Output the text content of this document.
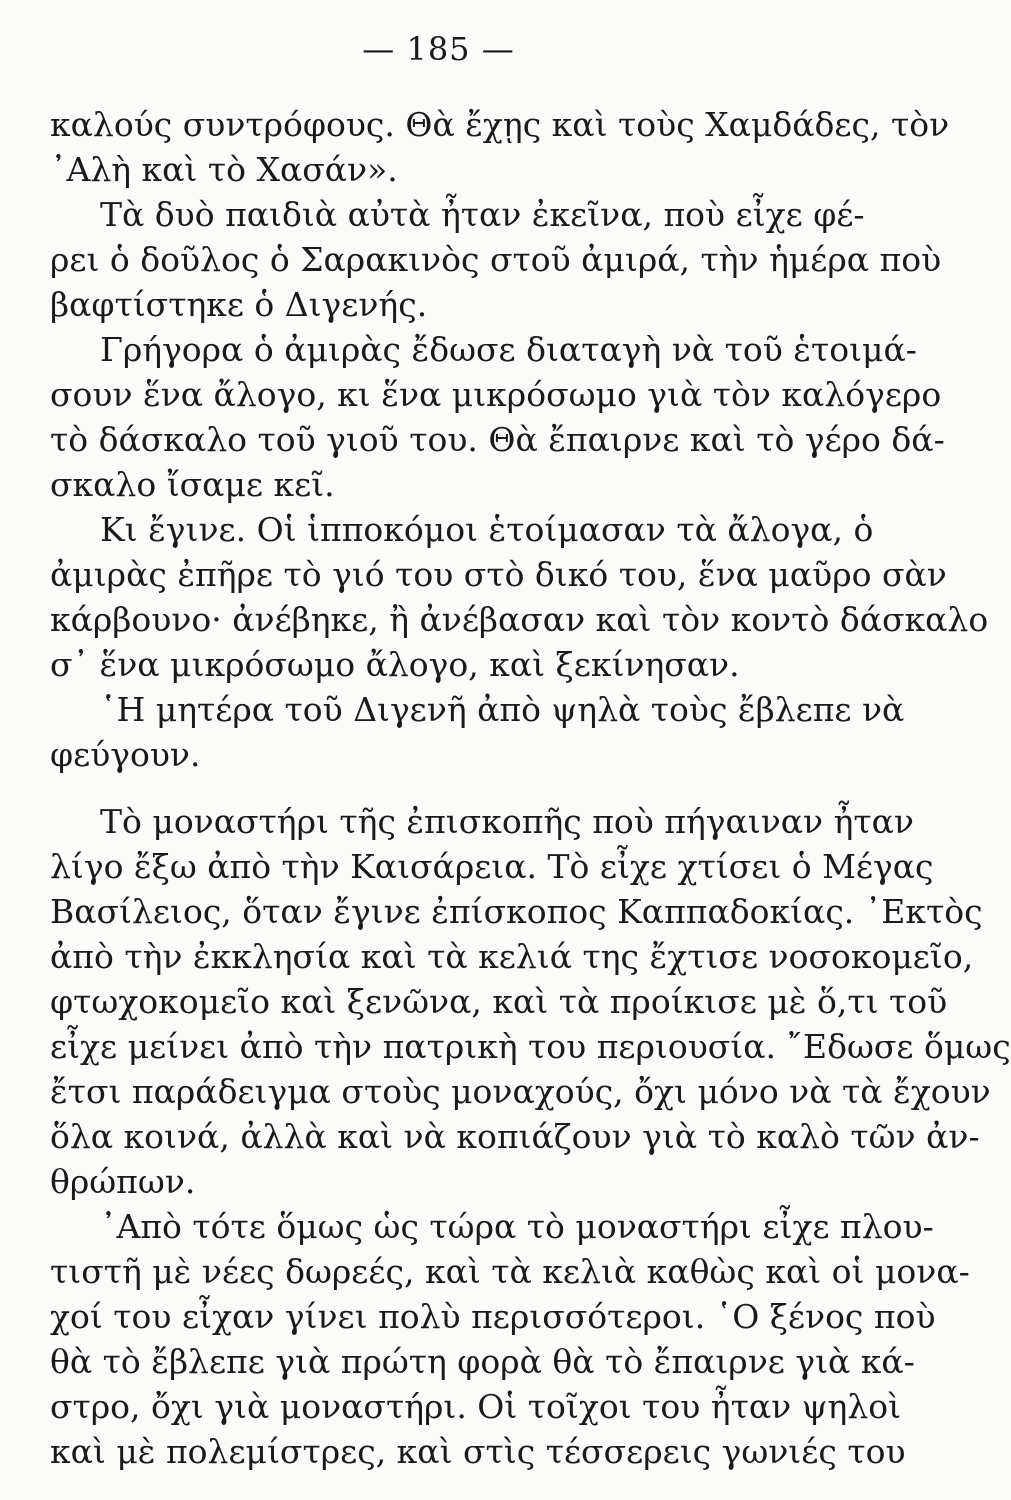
— 185 —
καλούς συντρόφους. Θὰ ἔχῃς καὶ τοὺς Χαμδάδες, τὸν
᾿Αλὴ καὶ τὸ Χασάν».
Τὰ δυὸ παιδιὰ αὐτὰ ἦταν ἐκεῖνα, ποὺ εἶχε φέ-
ρει ὁ δοῦλος ὁ Σαρακινὸς στοῦ ἀμιρά, τὴν ἡμέρα ποὺ
βαφτίστηκε ὁ Διγενής.
Γρήγορα ὁ ἀμιρὰς ἔδωσε διαταγὴ νὰ τοῦ ἑτοιμά-
σουν ἕνα ἄλογο, κι ἕνα μικρόσωμο γιὰ τὸν καλόγερο
τὸ δάσκαλο τοῦ γιοῦ του. Θὰ ἔπαιρνε καὶ τὸ γέρο δά-
σκαλο ἴσαμε κεῖ.
Κι ἔγινε. Οἱ ἱπποκόμοι ἑτοίμασαν τὰ ἄλογα, ὁ
ἀμιρὰς ἐπῆρε τὸ γιό του στὸ δικό του, ἕνα μαῦρο σὰν
κάρβουνο· ἀνέβηκε, ἢ ἀνέβασαν καὶ τὸν κοντὸ δάσκαλο
σ᾿ ἕνα μικρόσωμο ἄλογο, καὶ ξεκίνησαν.
῾Η μητέρα τοῦ Διγενῆ ἀπὸ ψηλὰ τοὺς ἔβλεπε νὰ
φεύγουν.
Τὸ μοναστήρι τῆς ἐπισκοπῆς ποὺ πήγαιναν ἦταν
λίγο ἔξω ἀπὸ τὴν Καισάρεια. Τὸ εἶχε χτίσει ὁ Μέγας
Βασίλειος, ὅταν ἔγινε ἐπίσκοπος Καππαδοκίας. ᾿Εκτὸς
ἀπὸ τὴν ἐκκλησία καὶ τὰ κελιά της ἔχτισε νοσοκομεῖο,
φτωχοκομεῖο καὶ ξενῶνα, καὶ τὰ προίκισε μὲ ὅ,τι τοῦ
εἶχε μείνει ἀπὸ τὴν πατρικὴ του περιουσία. ῎Εδωσε ὅμως
ἔτσι παράδειγμα στοὺς μοναχούς, ὄχι μόνο νὰ τὰ ἔχουν
ὅλα κοινά, ἀλλὰ καὶ νὰ κοπιάζουν γιὰ τὸ καλὸ τῶν ἀν-
θρώπων.
᾿Απὸ τότε ὅμως ὡς τώρα τὸ μοναστήρι εἶχε πλου-
τιστῆ μὲ νέες δωρεές, καὶ τὰ κελιὰ καθὼς καὶ οἱ μονα-
χοί του εἶχαν γίνει πολὺ περισσότεροι. ῾Ο ξένος ποὺ
θὰ τὸ ἔβλεπε γιὰ πρώτη φορὰ θὰ τὸ ἔπαιρνε γιὰ κά-
στρο, ὄχι γιὰ μοναστήρι. Οἱ τοῖχοι του ἦταν ψηλοὶ
καὶ μὲ πολεμίστρες, καὶ στὶς τέσσερεις γωνιές του
